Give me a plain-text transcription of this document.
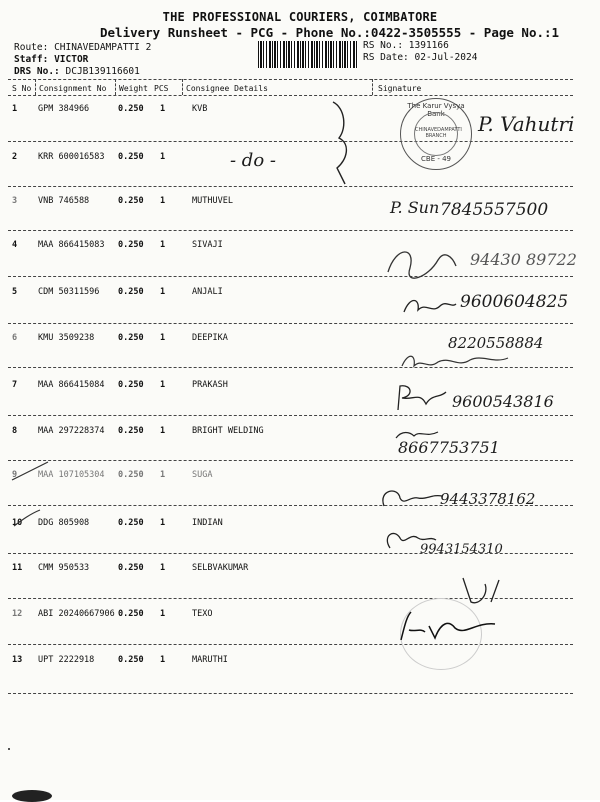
THE PROFESSIONAL COURIERS, COIMBATORE
Delivery Runsheet - PCG - Phone No.:0422-3505555 - Page No.:1
Route: CHINAVEDAMPATTI 2
Staff: VICTOR
DRS No.: DCJB139116601
RS No.: 1391166
RS Date: 02-Jul-2024
S No Consignment No Weight PCS Consignee Details	Signature
1 GPM 384966	0.250 1	KVB
2 KRR 600016583 0.250 1
3 VNB 746588	0.250 1	MUTHUVEL
4 MAA 866415083 0.250 1	SIVAJI
5 CDM 50311596 0.250 1	ANJALI
6 KMU 3509238	0.250 1	DEEPIKA
7 MAA 866415084 0.250 1	PRAKASH
8 MAA 297228374 0.250 1	BRIGHT WELDING
9 MAA 107105304 0.250 1	SUGA
10 DDG 805908	0.250 1	INDIAN
11 CMM 950533	0.250 1	SELBVAKUMAR
12 ABI 20240667906 0.250 1	TEXO
13 UPT 2222918	0.250 1	MARUTHI
The Karur Vysya Bank
CHINAVEDAMPATTI BRANCH
CBE - 49
- do -
P. Vahutri
P. Sun 7845557500
94430 89722
9600604825
8220558884
9600543816
8667753751
9443378162
9943154310
